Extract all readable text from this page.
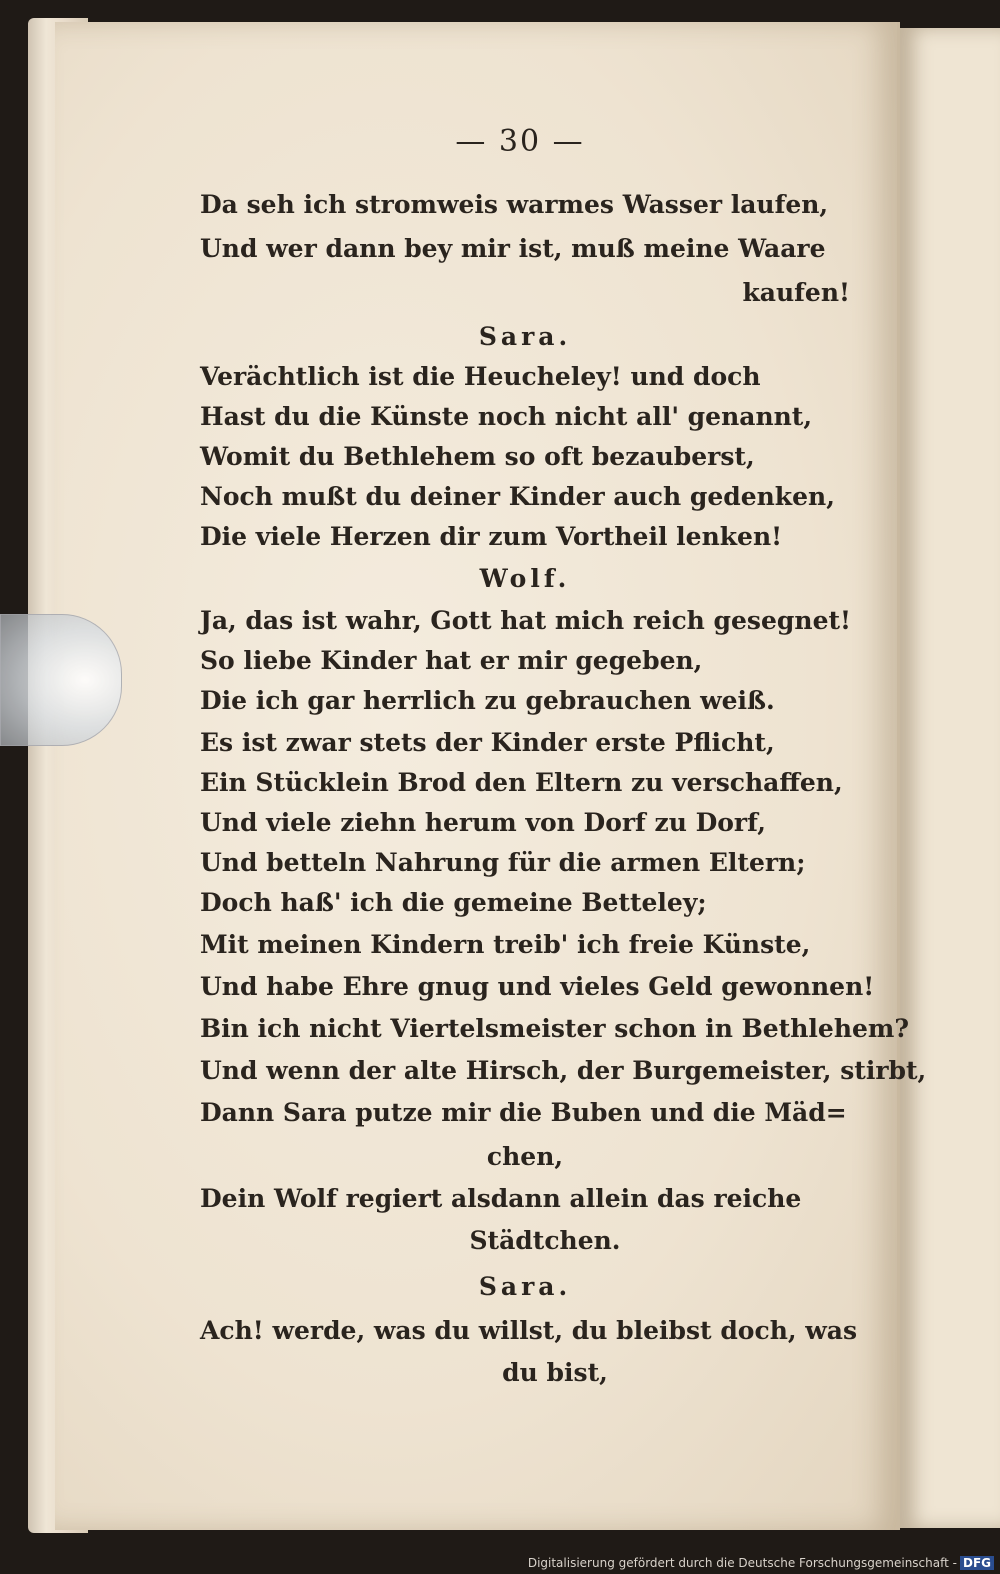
— 30 —
Da seh ich stromweis warmes Wasser laufen,
Und wer dann bey mir ist, muß meine Waare
kaufen!
Sara.
Verächtlich ist die Heucheley! und doch
Hast du die Künste noch nicht all' genannt,
Womit du Bethlehem so oft bezauberst,
Noch mußt du deiner Kinder auch gedenken,
Die viele Herzen dir zum Vortheil lenken!
Wolf.
Ja, das ist wahr, Gott hat mich reich gesegnet!
So liebe Kinder hat er mir gegeben,
Die ich gar herrlich zu gebrauchen weiß.
Es ist zwar stets der Kinder erste Pflicht,
Ein Stücklein Brod den Eltern zu verschaffen,
Und viele ziehn herum von Dorf zu Dorf,
Und betteln Nahrung für die armen Eltern;
Doch haß' ich die gemeine Betteley;
Mit meinen Kindern treib' ich freie Künste,
Und habe Ehre gnug und vieles Geld gewonnen!
Bin ich nicht Viertelsmeister schon in Bethlehem?
Und wenn der alte Hirsch, der Burgemeister, stirbt,
Dann Sara putze mir die Buben und die Mäd=
chen,
Dein Wolf regiert alsdann allein das reiche
Städtchen.
Sara.
Ach! werde, was du willst, du bleibst doch, was
du bist,
Digitalisierung gefördert durch die Deutsche Forschungsgemeinschaft - DFG
